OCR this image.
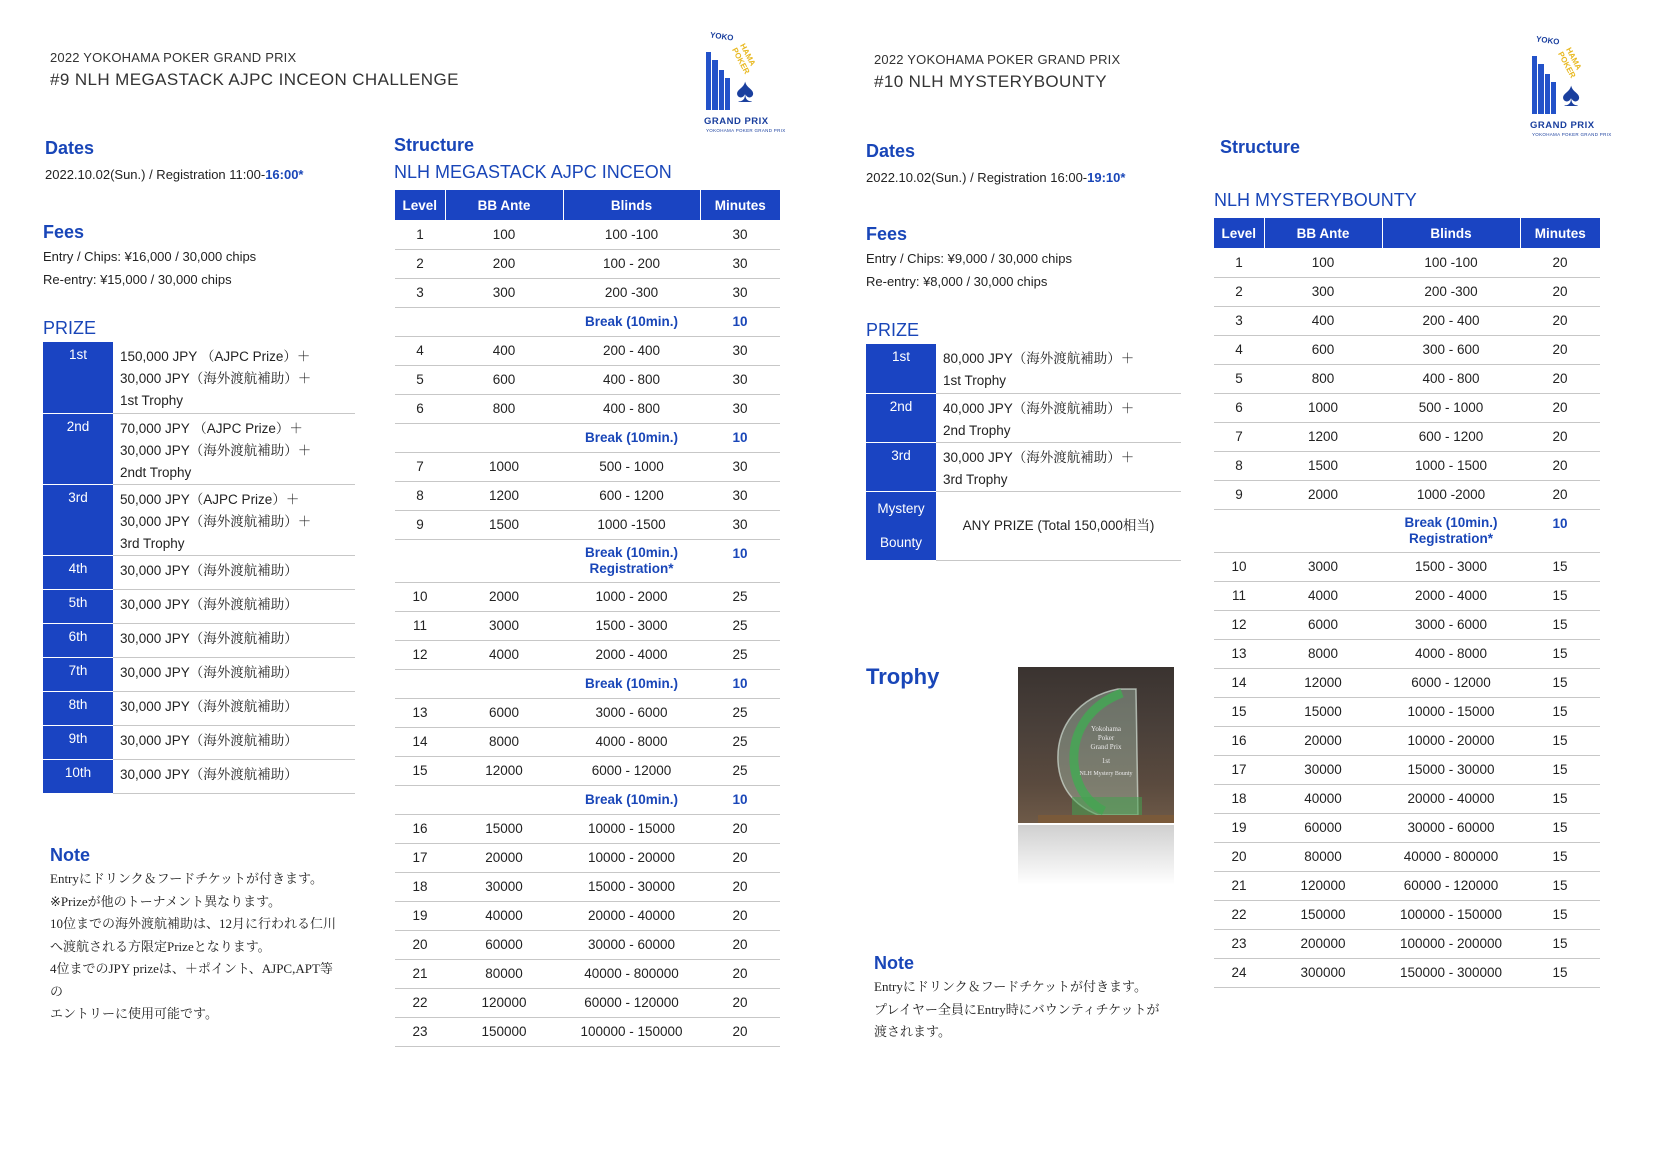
2022 YOKOHAMA POKER GRAND PRIX
#9 NLH MEGASTACK AJPC INCEON CHALLENGE
YOKO
HAMA POKER
♠
GRAND PRIX
YOKOHAMA POKER GRAND PRIX
Dates
2022.10.02(Sun.) / Registration 11:00-16:00*
Fees
Entry / Chips: ¥16,000 / 30,000 chips
Re-entry: ¥15,000 / 30,000 chips
PRIZE
1st	150,000 JPY （AJPC Prize）＋
30,000 JPY（海外渡航補助）＋
1st Trophy

2nd	70,000 JPY （AJPC Prize）＋
30,000 JPY（海外渡航補助）＋
2ndt Trophy

3rd	50,000 JPY（AJPC Prize）＋
30,000 JPY（海外渡航補助）＋
3rd Trophy

4th	30,000 JPY（海外渡航補助）

5th	30,000 JPY（海外渡航補助）

6th	30,000 JPY（海外渡航補助）

7th	30,000 JPY（海外渡航補助）

8th	30,000 JPY（海外渡航補助）

9th	30,000 JPY（海外渡航補助）

10th	30,000 JPY（海外渡航補助）
Note
Entryにドリンク＆フードチケットが付きます。
※Prizeが他のトーナメント異なります。
10位までの海外渡航補助は、12月に行われる仁川
へ渡航される方限定Prizeとなります。
4位までのJPY prizeは、＋ポイント、AJPC,APT等
の
エントリーに使用可能です。
Structure
NLH MEGASTACK AJPC INCEON
Level	BB Ante	Blinds	Minutes
1	100	100 -100	30
2	200	100 - 200	30
3	300	200 -300	30
		Break (10min.)	10
4	400	200 - 400	30
5	600	400 - 800	30
6	800	400 - 800	30
		Break (10min.)	10
7	1000	500 - 1000	30
8	1200	600 - 1200	30
9	1500	1000 -1500	30

		Break (10min.)
Registration*	10
10	2000	1000 - 2000	25
11	3000	1500 - 3000	25
12	4000	2000 - 4000	25
		Break (10min.)	10
13	6000	3000 - 6000	25
14	8000	4000 - 8000	25
15	12000	6000 - 12000	25
		Break (10min.)	10
16	15000	10000 - 15000	20
17	20000	10000 - 20000	20
18	30000	15000 - 30000	20
19	40000	20000 - 40000	20
20	60000	30000 - 60000	20
21	80000	40000 - 800000	20
22	120000	60000 - 120000	20
23	150000	100000 - 150000	20
2022 YOKOHAMA POKER GRAND PRIX
#10 NLH MYSTERYBOUNTY
YOKO
HAMA POKER
♠
GRAND PRIX
YOKOHAMA POKER GRAND PRIX
Dates
2022.10.02(Sun.) / Registration 16:00-19:10*
Fees
Entry / Chips: ¥9,000 / 30,000 chips
Re-entry: ¥8,000 / 30,000 chips
PRIZE
1st	80,000 JPY（海外渡航補助）＋
1st Trophy

2nd	40,000 JPY（海外渡航補助）＋
2nd Trophy

3rd	30,000 JPY（海外渡航補助）＋
3rd Trophy

Mystery
Bounty	ANY PRIZE (Total 150,000相当)
Trophy
Yokohama
Poker
Grand Prix
1st
NLH Mystery Bounty
Note
Entryにドリンク＆フードチケットが付きます。
プレイヤー全員にEntry時にバウンティチケットが
渡されます。
Structure
NLH MYSTERYBOUNTY
Level	BB Ante	Blinds	Minutes
1	100	100 -100	20
2	300	200 -300	20
3	400	200 - 400	20
4	600	300 - 600	20
5	800	400 - 800	20
6	1000	500 - 1000	20
7	1200	600 - 1200	20
8	1500	1000 - 1500	20
9	2000	1000 -2000	20

		Break (10min.)
Registration*	10
10	3000	1500 - 3000	15
11	4000	2000 - 4000	15
12	6000	3000 - 6000	15
13	8000	4000 - 8000	15
14	12000	6000 - 12000	15
15	15000	10000 - 15000	15
16	20000	10000 - 20000	15
17	30000	15000 - 30000	15
18	40000	20000 - 40000	15
19	60000	30000 - 60000	15
20	80000	40000 - 800000	15
21	120000	60000 - 120000	15
22	150000	100000 - 150000	15
23	200000	100000 - 200000	15
24	300000	150000 - 300000	15
